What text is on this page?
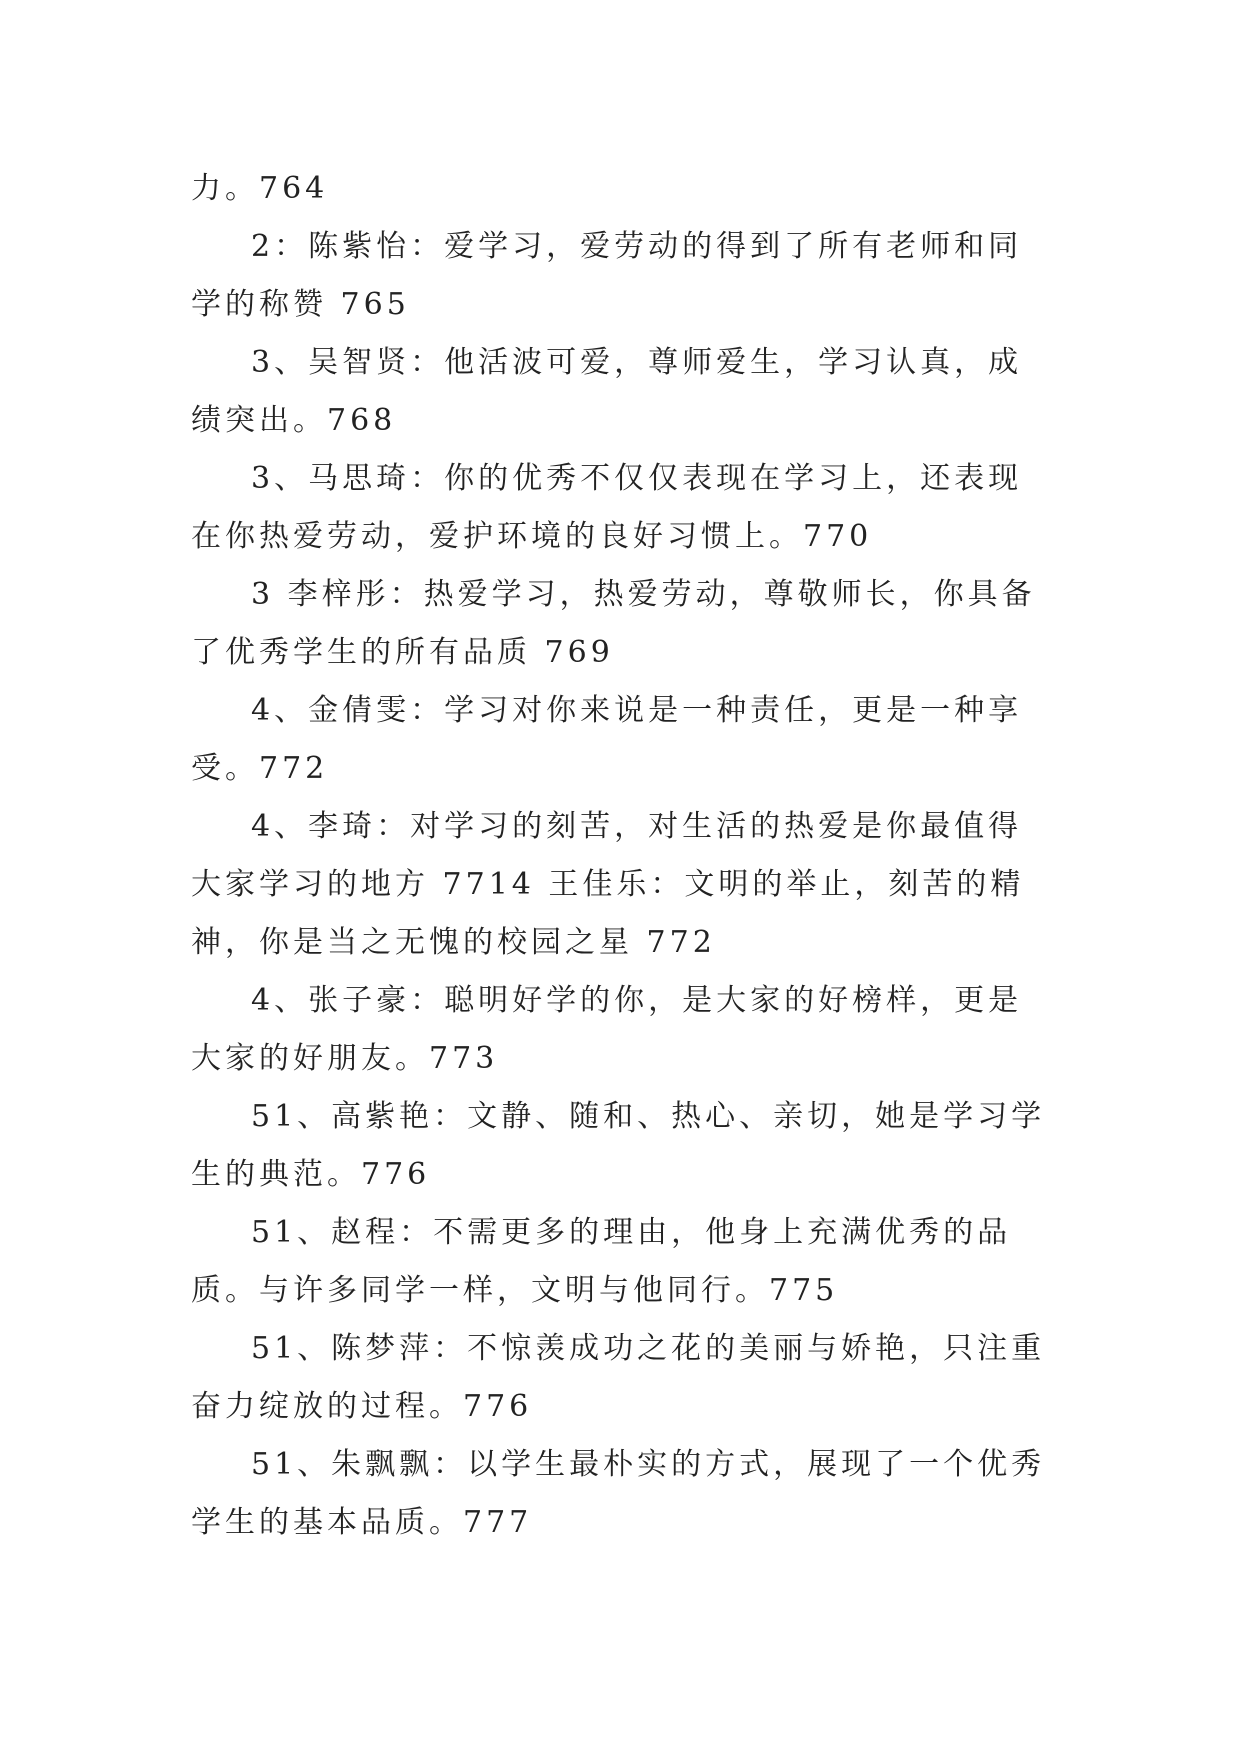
力。764

2：陈紫怡：爱学习，爱劳动的得到了所有老师和同学的称赞 765

3、吴智贤：他活波可爱，尊师爱生，学习认真，成绩突出。768

3、马思琦：你的优秀不仅仅表现在学习上，还表现在你热爱劳动，爱护环境的良好习惯上。770

3 李梓彤：热爱学习，热爱劳动，尊敬师长，你具备了优秀学生的所有品质 769

4、金倩雯：学习对你来说是一种责任，更是一种享受。772

4、李琦：对学习的刻苦，对生活的热爱是你最值得大家学习的地方 7714 王佳乐：文明的举止，刻苦的精神，你是当之无愧的校园之星 772

4、张子豪：聪明好学的你，是大家的好榜样，更是大家的好朋友。773

51、高紫艳：文静、随和、热心、亲切，她是学习学生的典范。776

51、赵程：不需更多的理由，他身上充满优秀的品质。与许多同学一样，文明与他同行。775

51、陈梦萍：不惊羡成功之花的美丽与娇艳，只注重奋力绽放的过程。776

51、朱飘飘：以学生最朴实的方式，展现了一个优秀学生的基本品质。777
